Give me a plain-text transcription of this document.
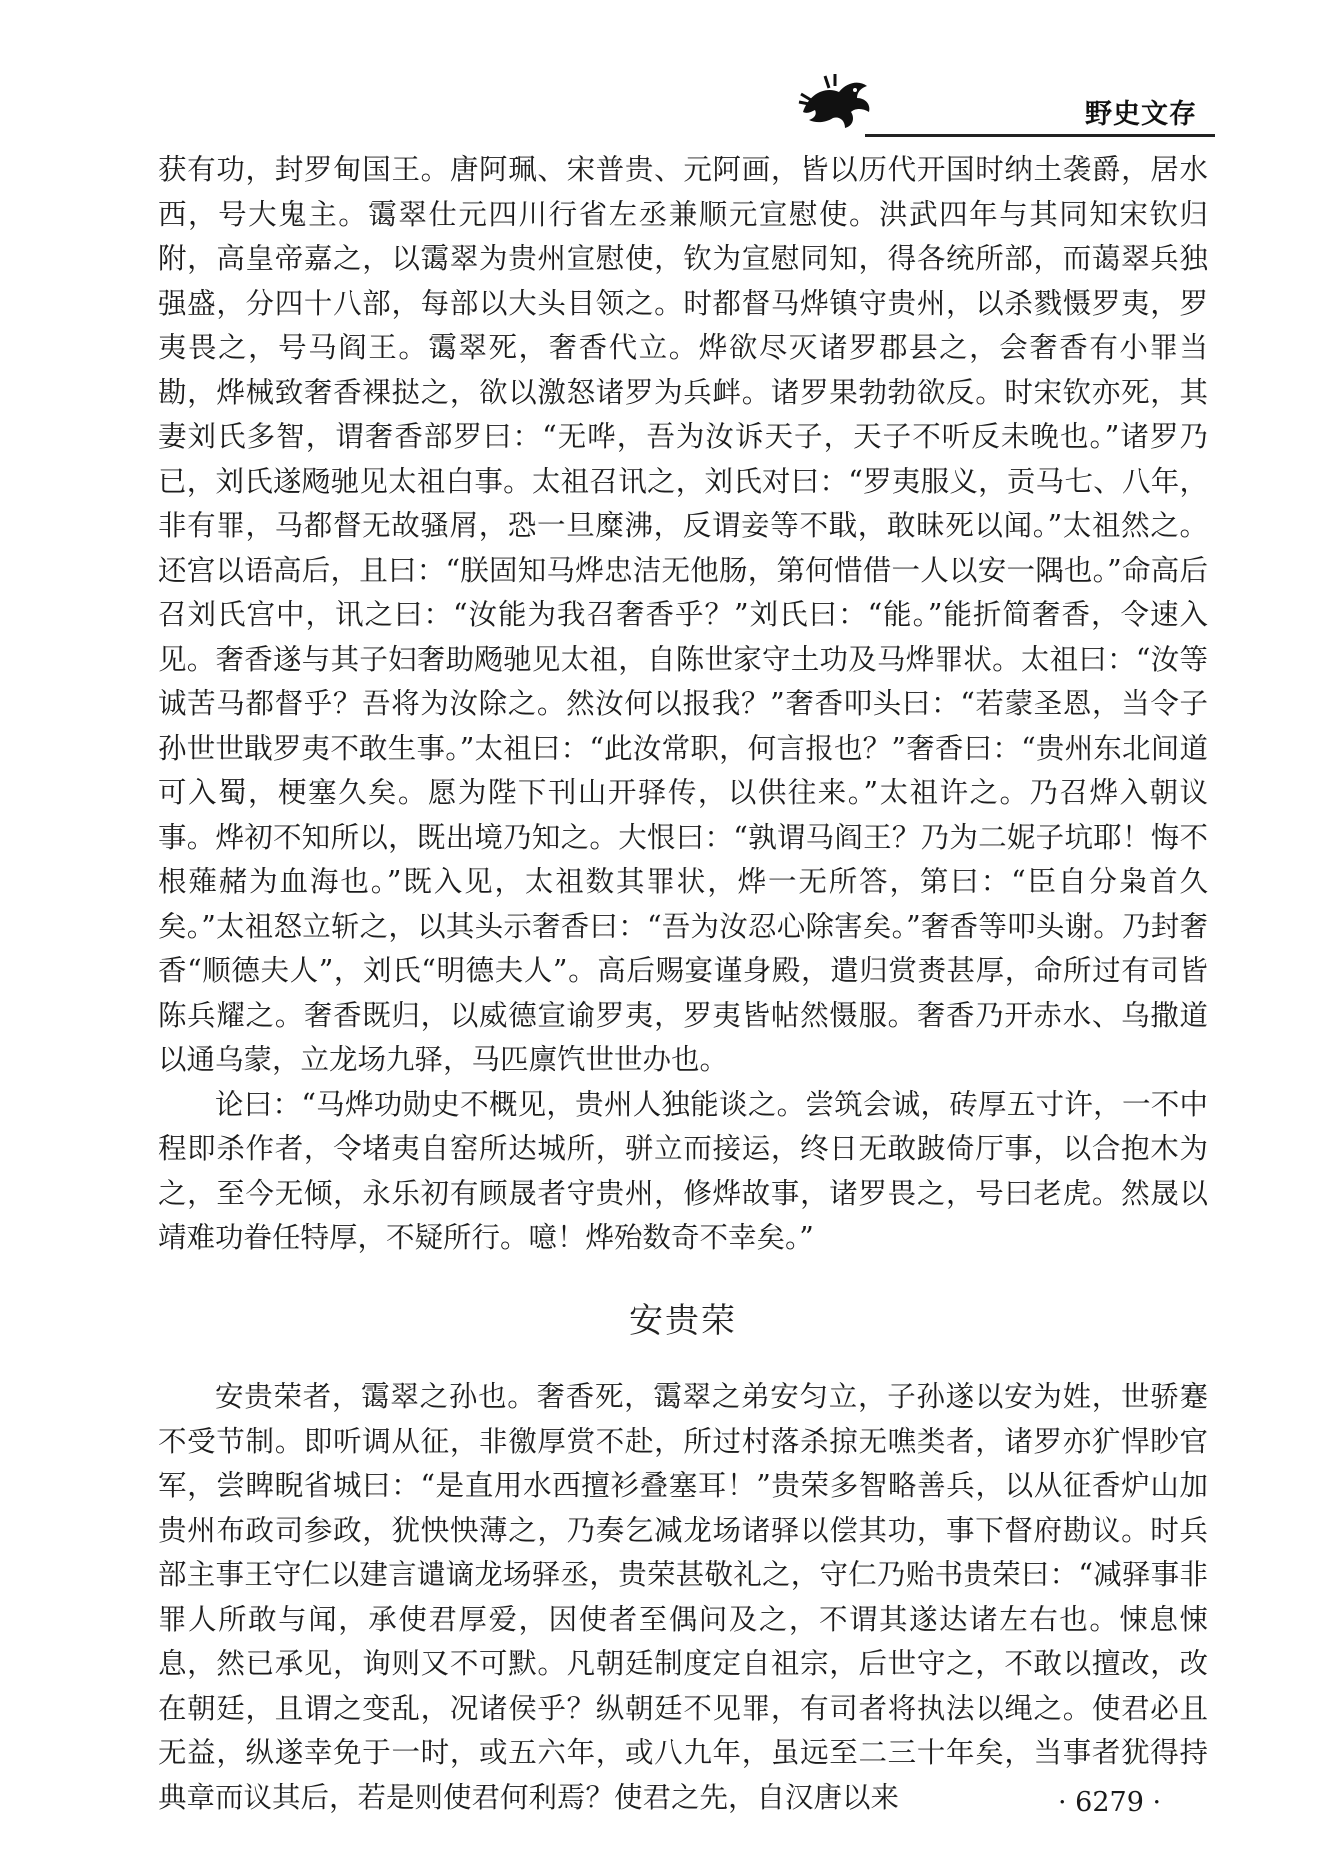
野史文存

获有功，封罗甸国王。唐阿珮、宋普贵、元阿画，皆以历代开国时纳土袭爵，居水西，号大鬼主。霭翠仕元四川行省左丞兼顺元宣慰使。洪武四年与其同知宋钦归附，高皇帝嘉之，以霭翠为贵州宣慰使，钦为宣慰同知，得各统所部，而蔼翠兵独强盛，分四十八部，每部以大头目领之。时都督马烨镇守贵州，以杀戮慑罗夷，罗夷畏之，号马阎王。霭翠死，奢香代立。烨欲尽灭诸罗郡县之，会奢香有小罪当勘，烨械致奢香裸挞之，欲以激怒诸罗为兵衅。诸罗果勃勃欲反。时宋钦亦死，其妻刘氏多智，谓奢香部罗曰：“无哗，吾为汝诉天子，天子不听反未晚也。”诸罗乃已，刘氏遂飏驰见太祖白事。太祖召讯之，刘氏对曰：“罗夷服义，贡马七、八年，非有罪，马都督无故骚屑，恐一旦糜沸，反谓妾等不戢，敢昧死以闻。”太祖然之。还宫以语高后，且曰：“朕固知马烨忠洁无他肠，第何惜借一人以安一隅也。”命高后召刘氏宫中，讯之曰：“汝能为我召奢香乎？”刘氏曰：“能。”能折简奢香，令速入见。奢香遂与其子妇奢助飏驰见太祖，自陈世家守土功及马烨罪状。太祖曰：“汝等诚苦马都督乎？吾将为汝除之。然汝何以报我？”奢香叩头曰：“若蒙圣恩，当令子孙世世戢罗夷不敢生事。”太祖曰：“此汝常职，何言报也？”奢香曰：“贵州东北间道可入蜀，梗塞久矣。愿为陛下刊山开驿传，以供往来。”太祖许之。乃召烨入朝议事。烨初不知所以，既出境乃知之。大恨曰：“孰谓马阎王？乃为二妮子坑耶！悔不根薙赭为血海也。”既入见，太祖数其罪状，烨一无所答，第曰：“臣自分枭首久矣。”太祖怒立斩之，以其头示奢香曰：“吾为汝忍心除害矣。”奢香等叩头谢。乃封奢香“顺德夫人”，刘氏“明德夫人”。高后赐宴谨身殿，遣归赏赉甚厚，命所过有司皆陈兵耀之。奢香既归，以威德宣谕罗夷，罗夷皆帖然慑服。奢香乃开赤水、乌撒道以通乌蒙，立龙场九驿，马匹廪饩世世办也。

论曰：“马烨功勋史不概见，贵州人独能谈之。尝筑会诚，砖厚五寸许，一不中程即杀作者，令堵夷自窑所达城所，骈立而接运，终日无敢跛倚厅事，以合抱木为之，至今无倾，永乐初有顾晟者守贵州，修烨故事，诸罗畏之，号曰老虎。然晟以靖难功眷任特厚，不疑所行。噫！烨殆数奇不幸矣。”

安贵荣

安贵荣者，霭翠之孙也。奢香死，霭翠之弟安匀立，子孙遂以安为姓，世骄蹇不受节制。即听调从征，非徼厚赏不赴，所过村落杀掠无噍类者，诸罗亦犷悍眇官军，尝睥睨省城曰：“是直用水西擅衫叠塞耳！”贵荣多智略善兵，以从征香炉山加贵州布政司参政，犹怏怏薄之，乃奏乞减龙场诸驿以偿其功，事下督府勘议。时兵部主事王守仁以建言谴谪龙场驿丞，贵荣甚敬礼之，守仁乃贻书贵荣曰：“减驿事非罪人所敢与闻，承使君厚爱，因使者至偶问及之，不谓其遂达诸左右也。悚息悚息，然已承见，询则又不可默。凡朝廷制度定自祖宗，后世守之，不敢以擅改，改在朝廷，且谓之变乱，况诸侯乎？纵朝廷不见罪，有司者将执法以绳之。使君必且无益，纵遂幸免于一时，或五六年，或八九年，虽远至二三十年矣，当事者犹得持典章而议其后，若是则使君何利焉？使君之先，自汉唐以来	· 6279 ·
